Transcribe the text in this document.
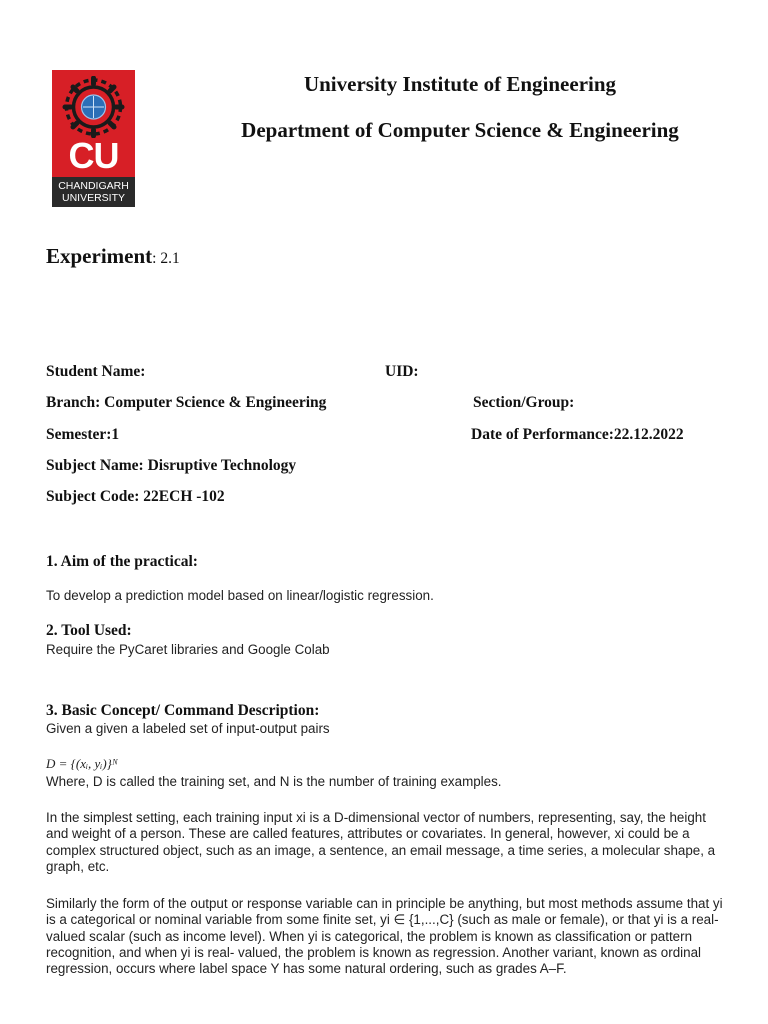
CU
CHANDIGARH
UNIVERSITY
University Institute of Engineering
Department of Computer Science & Engineering
Experiment: 2.1
Student Name:	UID:
Branch: Computer Science & Engineering	Section/Group:
Semester:1	Date of Performance:22.12.2022
Subject Name: Disruptive Technology
Subject Code: 22ECH -102
1. Aim of the practical:
To develop a prediction model based on linear/logistic regression.
2. Tool Used:
Require the PyCaret libraries and Google Colab
3. Basic Concept/ Command Description:
Given a given a labeled set of input-output pairs
D = {(xᵢ, yᵢ)}ᴺ
Where, D is called the training set, and N is the number of training examples.
In the simplest setting, each training input xi is a D-dimensional vector of numbers, representing, say, the height and weight of a person. These are called features, attributes or covariates. In general, however, xi could be a complex structured object, such as an image, a sentence, an email message, a time series, a molecular shape, a graph, etc.
Similarly the form of the output or response variable can in principle be anything, but most methods assume that yi is a categorical or nominal variable from some finite set, yi ∈ {1,...,C} (such as male or female), or that yi is a real-valued scalar (such as income level). When yi is categorical, the problem is known as classification or pattern recognition, and when yi is real- valued, the problem is known as regression. Another variant, known as ordinal regression, occurs where label space Y has some natural ordering, such as grades A–F.
